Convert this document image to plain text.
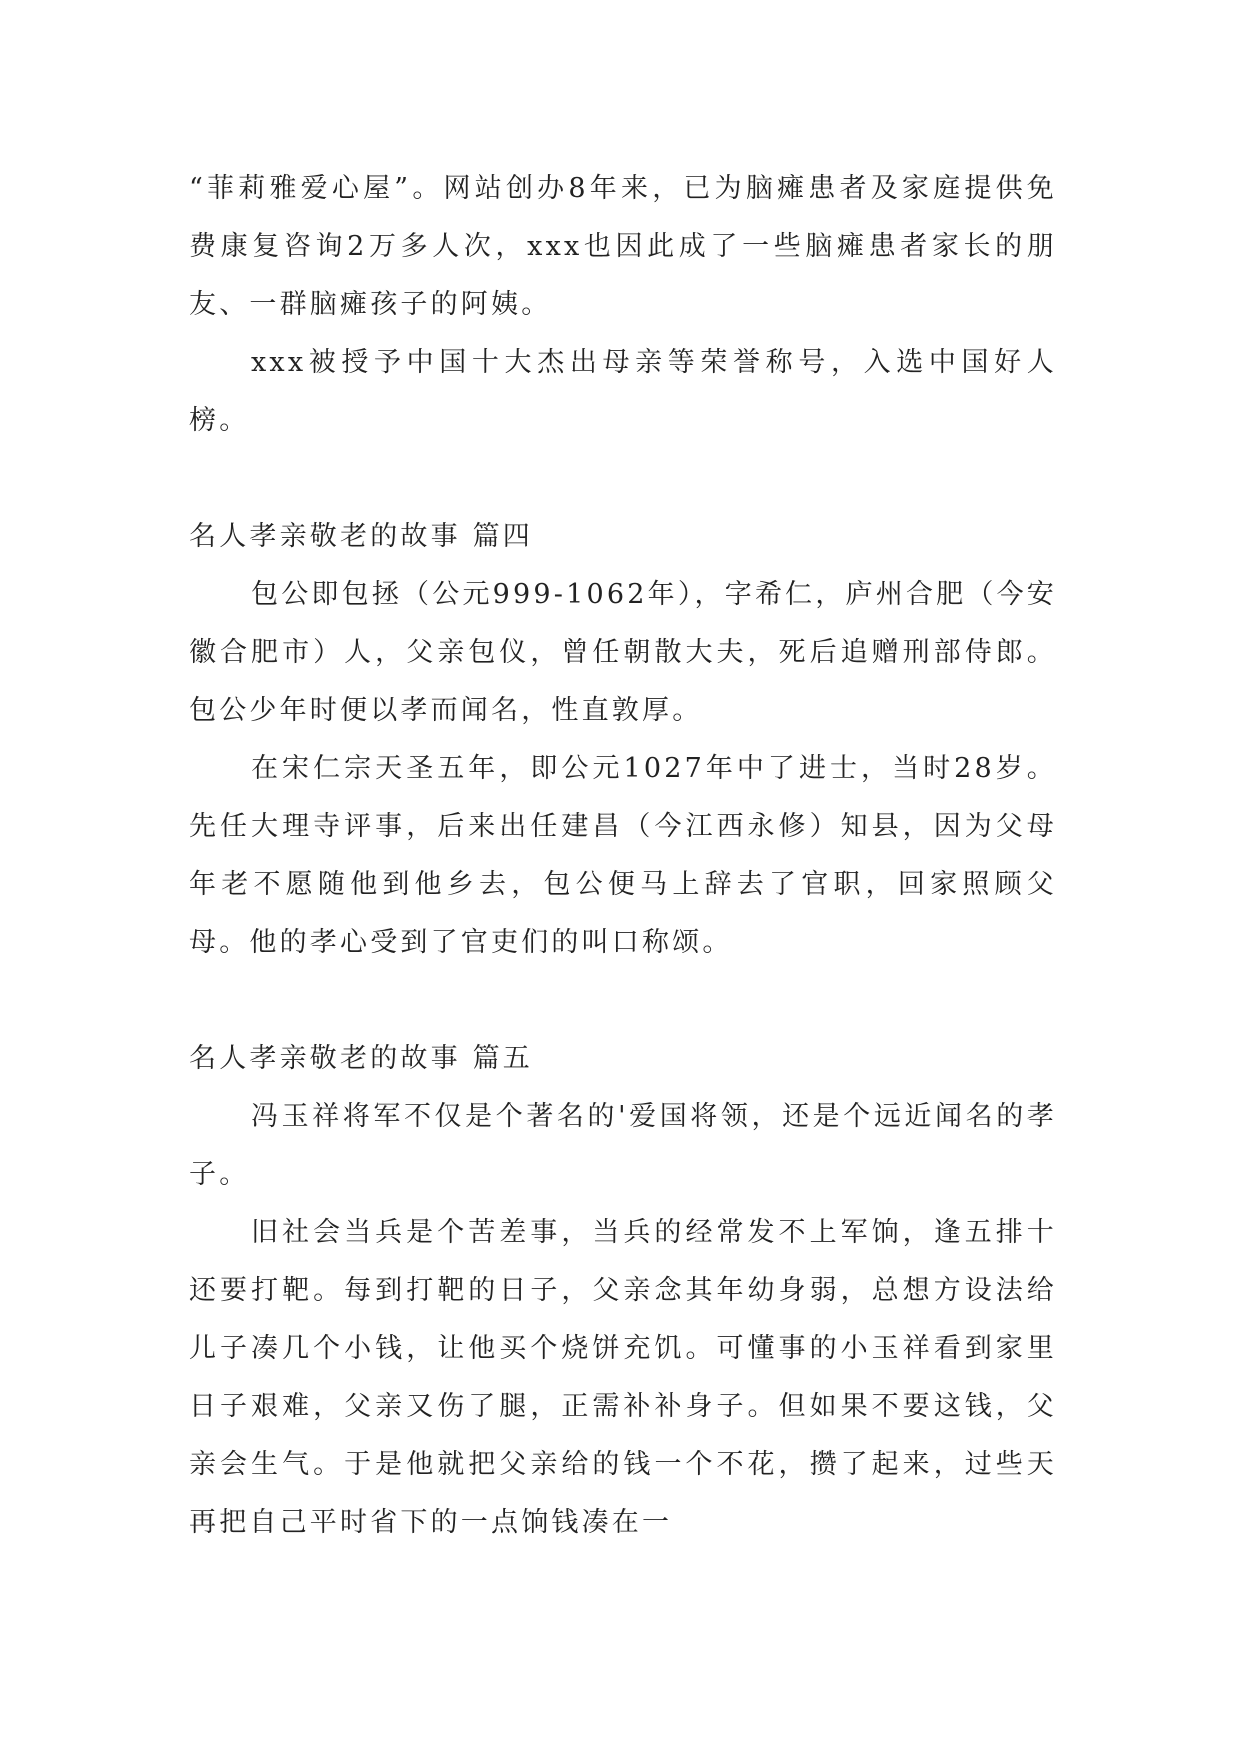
“菲莉雅爱心屋”。网站创办8年来，已为脑瘫患者及家庭提供免费康复咨询2万多人次，xxx也因此成了一些脑瘫患者家长的朋友、一群脑瘫孩子的阿姨。

xxx被授予中国十大杰出母亲等荣誉称号，入选中国好人榜。

名人孝亲敬老的故事 篇四

包公即包拯（公元999-1062年），字希仁，庐州合肥（今安徽合肥市）人，父亲包仪，曾任朝散大夫，死后追赠刑部侍郎。包公少年时便以孝而闻名，性直敦厚。

在宋仁宗天圣五年，即公元1027年中了进士，当时28岁。先任大理寺评事，后来出任建昌（今江西永修）知县，因为父母年老不愿随他到他乡去，包公便马上辞去了官职，回家照顾父母。他的孝心受到了官吏们的叫口称颂。

名人孝亲敬老的故事 篇五

冯玉祥将军不仅是个著名的'爱国将领，还是个远近闻名的孝子。

旧社会当兵是个苦差事，当兵的经常发不上军饷，逢五排十还要打靶。每到打靶的日子，父亲念其年幼身弱，总想方设法给儿子凑几个小钱，让他买个烧饼充饥。可懂事的小玉祥看到家里日子艰难，父亲又伤了腿，正需补补身子。但如果不要这钱，父亲会生气。于是他就把父亲给的钱一个不花，攒了起来，过些天再把自己平时省下的一点饷钱凑在一
